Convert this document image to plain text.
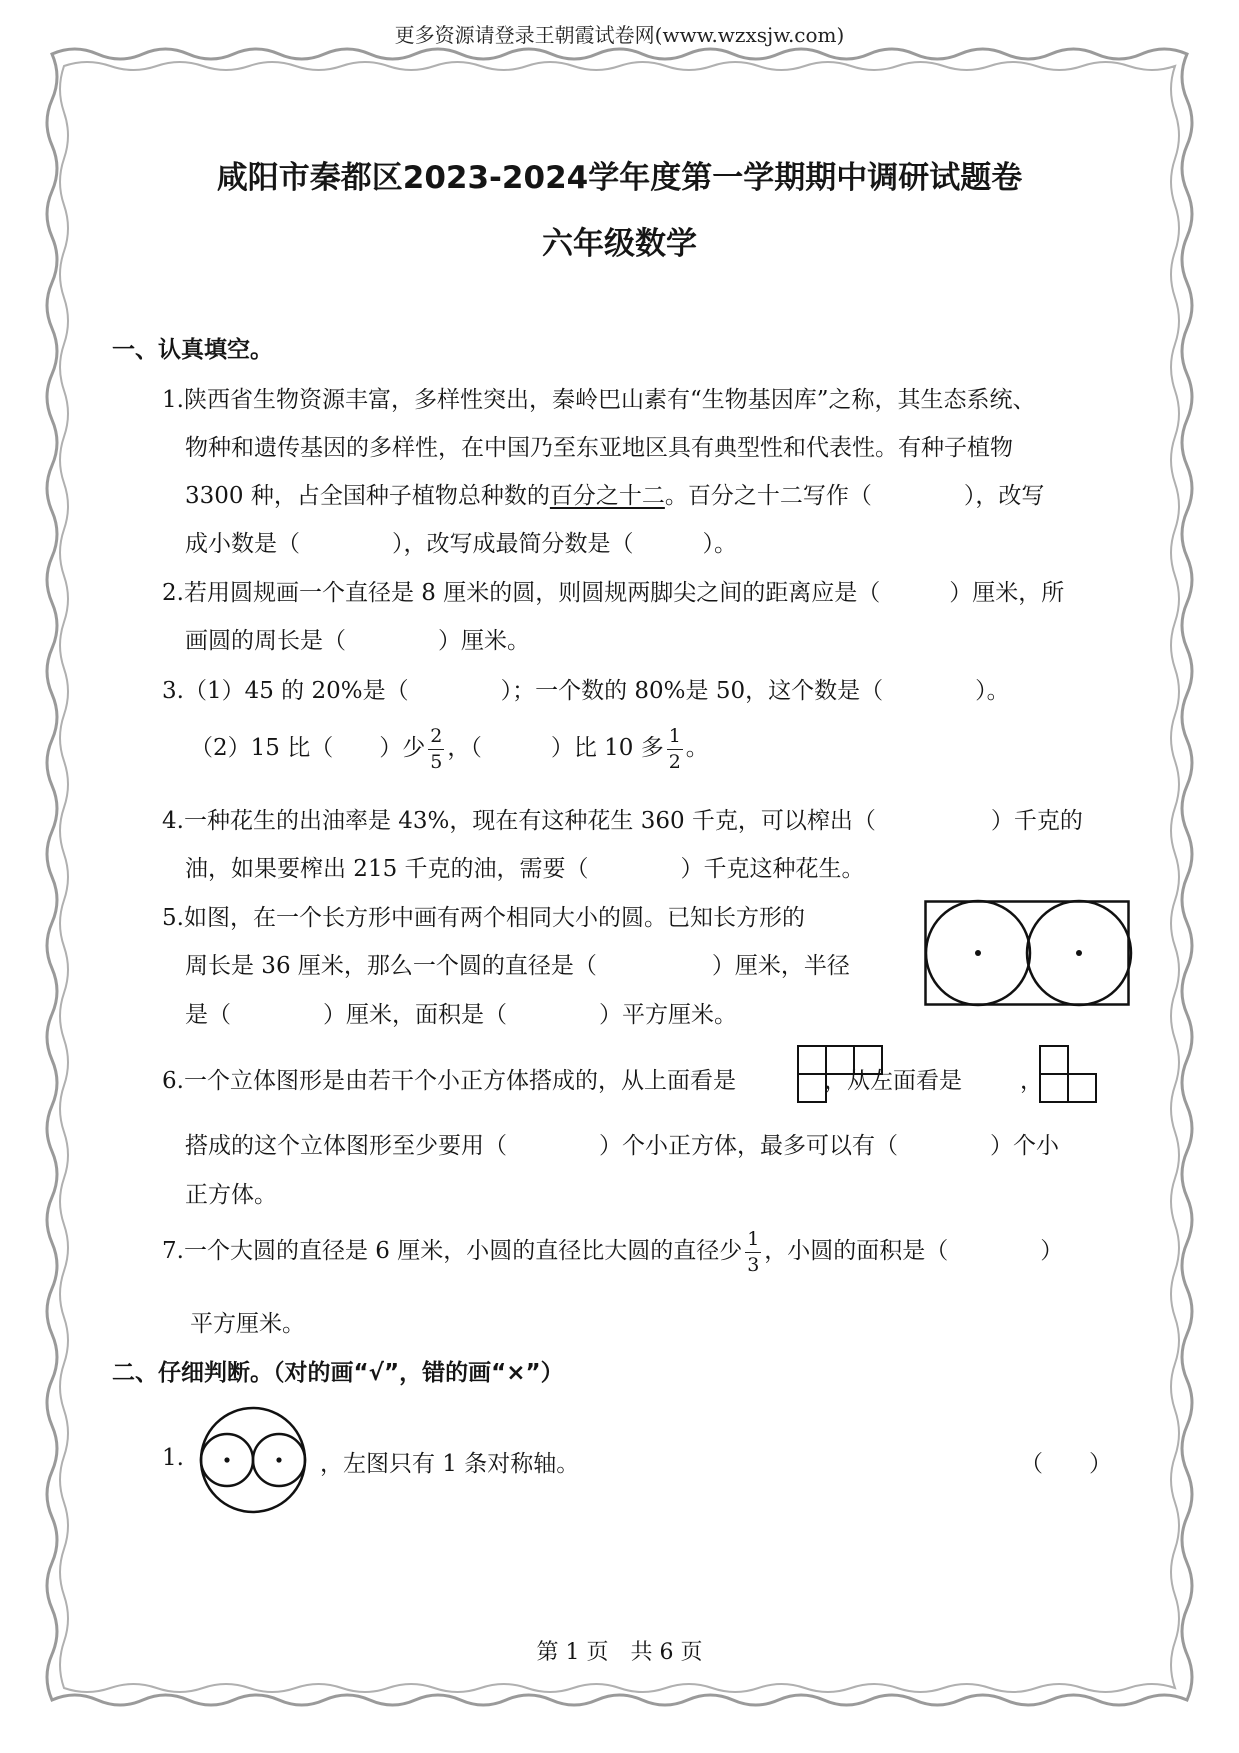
更多资源请登录王朝霞试卷网(www.wzxsjw.com)
咸阳市秦都区2023-2024学年度第一学期期中调研试题卷
六年级数学
一、认真填空。
1.陕西省生物资源丰富，多样性突出，秦岭巴山素有“生物基因库”之称，其生态系统、
物种和遗传基因的多样性，在中国乃至东亚地区具有典型性和代表性。有种子植物
3300 种，占全国种子植物总种数的百分之十二。百分之十二写作（　　　　），改写
成小数是（　　　　），改写成最简分数是（　　　）。
2.若用圆规画一个直径是 8 厘米的圆，则圆规两脚尖之间的距离应是（　　　）厘米，所
画圆的周长是（　　　　）厘米。
3.（1）45 的 20%是（　　　　）；一个数的 80%是 50，这个数是（　　　　）。
（2）15 比（　　）少 $\frac{2}{5}$ ，（　　　）比 10 多 $\frac{1}{2}$ 。
4.一种花生的出油率是 43%，现在有这种花生 360 千克，可以榨出（　　　　　）千克的
油，如果要榨出 215 千克的油，需要（　　　　）千克这种花生。
5.如图，在一个长方形中画有两个相同大小的圆。已知长方形的
周长是 36 厘米，那么一个圆的直径是（　　　　　）厘米，半径
是（　　　　）厘米，面积是（　　　　）平方厘米。
6.一个立体图形是由若干个小正方体搭成的，从上面看是	，从左面看是	，
搭成的这个立体图形至少要用（　　　　）个小正方体，最多可以有（　　　　）个小
正方体。
7.一个大圆的直径是 6 厘米，小圆的直径比大圆的直径少 $\frac{1}{3}$ ，小圆的面积是（　　　　）
平方厘米。
二、仔细判断。（对的画“√”，错的画“×”）
1.	，左图只有 1 条对称轴。	（　　）
第 1 页　共 6 页
